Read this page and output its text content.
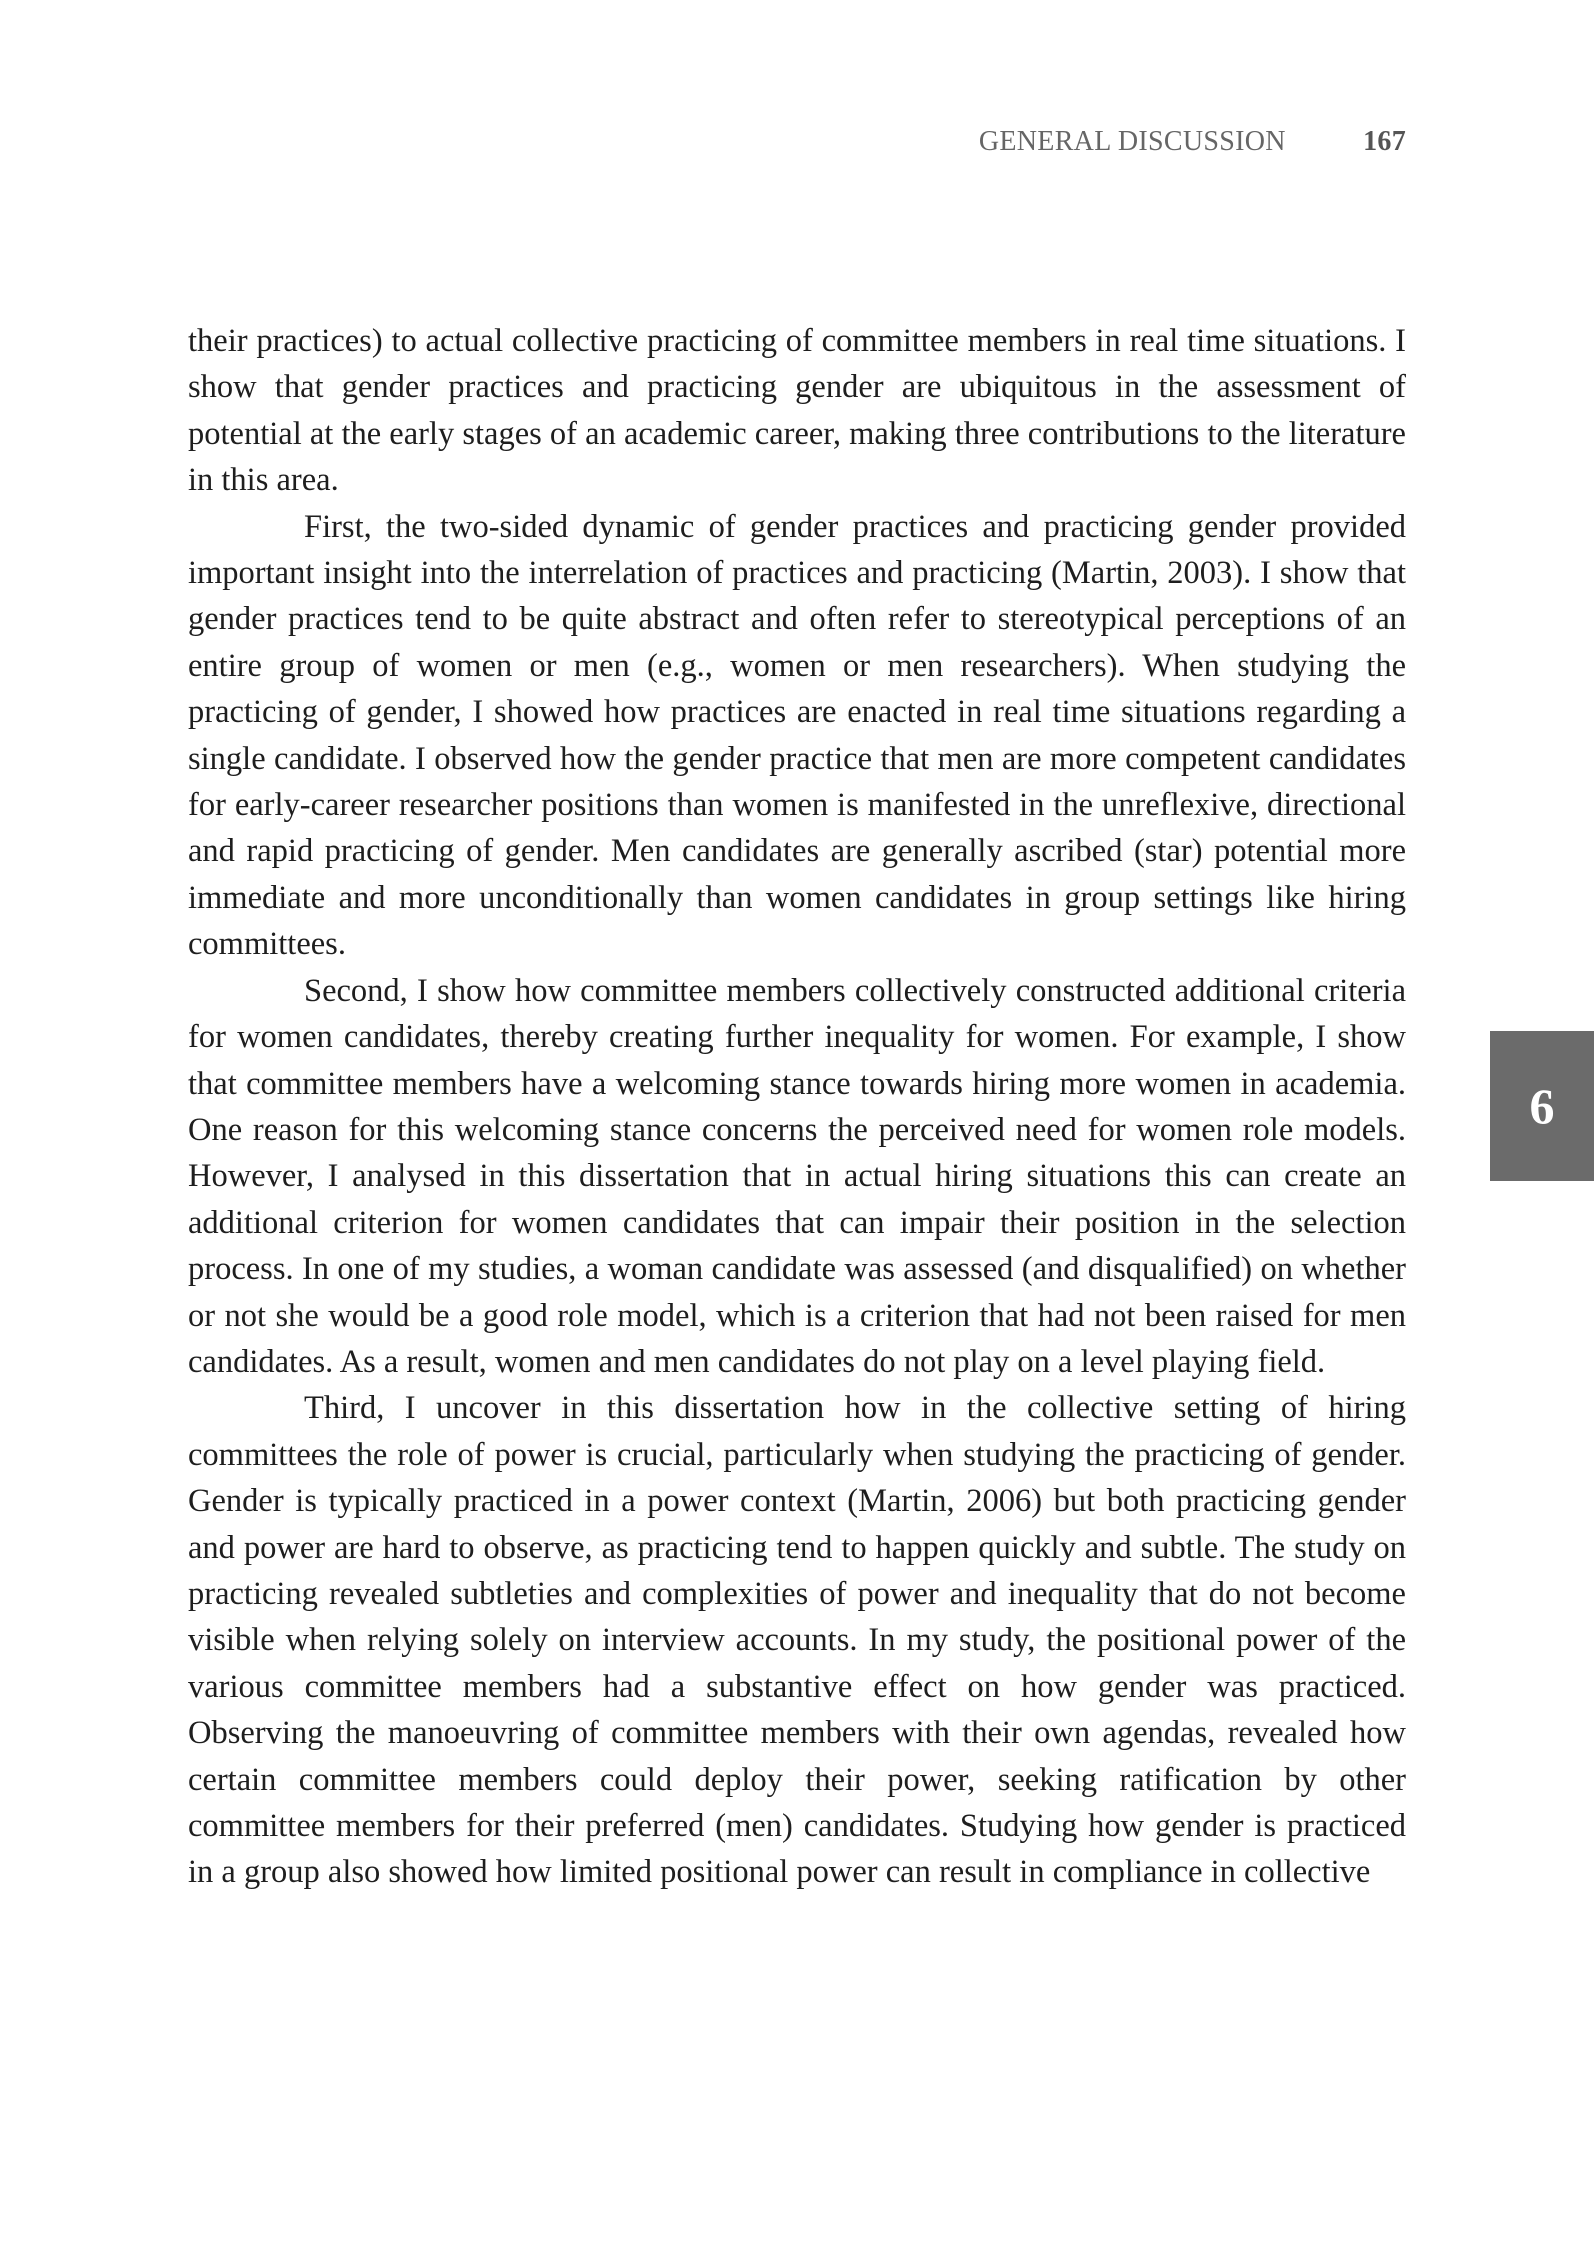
GENERAL DISCUSSION	167

their practices) to actual collective practicing of committee members in real time situations. I show that gender practices and practicing gender are ubiquitous in the assessment of potential at the early stages of an academic career, making three contributions to the literature in this area.

First, the two-sided dynamic of gender practices and practicing gender provided important insight into the interrelation of practices and practicing (Martin, 2003). I show that gender practices tend to be quite abstract and often refer to stereotypical perceptions of an entire group of women or men (e.g., women or men researchers). When studying the practicing of gender, I showed how practices are enacted in real time situations regarding a single candidate. I observed how the gender practice that men are more competent candidates for early-career researcher positions than women is manifested in the unreflexive, directional and rapid practicing of gender. Men candidates are generally ascribed (star) potential more immediate and more unconditionally than women candidates in group settings like hiring committees.

Second, I show how committee members collectively constructed additional criteria for women candidates, thereby creating further inequality for women. For example, I show that committee members have a welcoming stance towards hiring more women in academia. One reason for this welcoming stance concerns the perceived need for women role models. However, I analysed in this dissertation that in actual hiring situations this can create an additional criterion for women candidates that can impair their position in the selection process. In one of my studies, a woman candidate was assessed (and disqualified) on whether or not she would be a good role model, which is a criterion that had not been raised for men candidates. As a result, women and men candidates do not play on a level playing field.

Third, I uncover in this dissertation how in the collective setting of hiring committees the role of power is crucial, particularly when studying the practicing of gender. Gender is typically practiced in a power context (Martin, 2006) but both practicing gender and power are hard to observe, as practicing tend to happen quickly and subtle. The study on practicing revealed subtleties and complexities of power and inequality that do not become visible when relying solely on interview accounts. In my study, the positional power of the various committee members had a substantive effect on how gender was practiced. Observing the manoeuvring of committee members with their own agendas, revealed how certain committee members could deploy their power, seeking ratification by other committee members for their preferred (men) candidates. Studying how gender is practiced in a group also showed how limited positional power can result in compliance in collective

6
